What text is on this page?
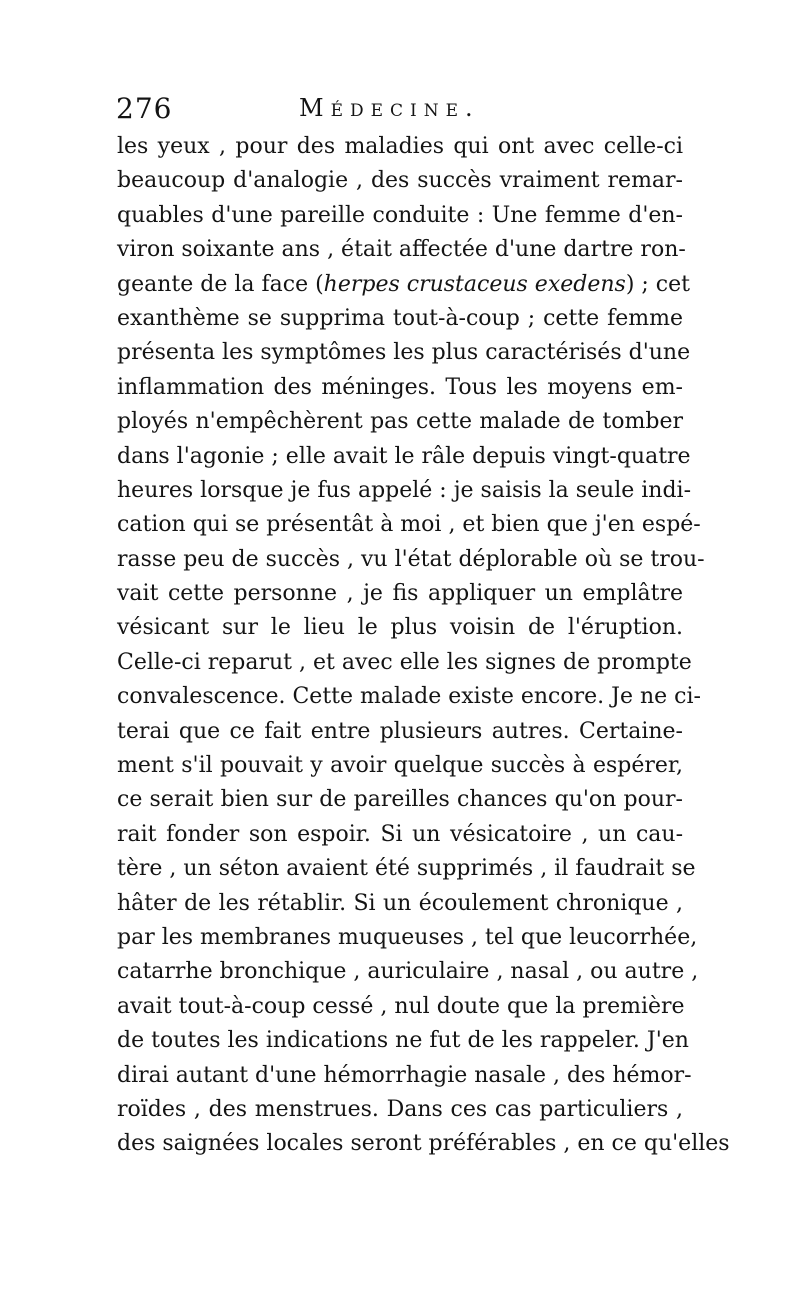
276	Médecine.
les yeux , pour des maladies qui ont avec celle-ci
beaucoup d'analogie , des succès vraiment remar-
quables d'une pareille conduite : Une femme d'en-
viron soixante ans , était affectée d'une dartre ron-
geante de la face (herpes crustaceus exedens) ; cet
exanthème se supprima tout-à-coup ; cette femme
présenta les symptômes les plus caractérisés d'une
inflammation des méninges. Tous les moyens em-
ployés n'empêchèrent pas cette malade de tomber
dans l'agonie ; elle avait le râle depuis vingt-quatre
heures lorsque je fus appelé : je saisis la seule indi-
cation qui se présentât à moi , et bien que j'en espé-
rasse peu de succès , vu l'état déplorable où se trou-
vait cette personne , je fis appliquer un emplâtre
vésicant sur le lieu le plus voisin de l'éruption.
Celle-ci reparut , et avec elle les signes de prompte
convalescence. Cette malade existe encore. Je ne ci-
terai que ce fait entre plusieurs autres. Certaine-
ment s'il pouvait y avoir quelque succès à espérer,
ce serait bien sur de pareilles chances qu'on pour-
rait fonder son espoir. Si un vésicatoire , un cau-
tère , un séton avaient été supprimés , il faudrait se
hâter de les rétablir. Si un écoulement chronique ,
par les membranes muqueuses , tel que leucorrhée,
catarrhe bronchique , auriculaire , nasal , ou autre ,
avait tout-à-coup cessé , nul doute que la première
de toutes les indications ne fut de les rappeler. J'en
dirai autant d'une hémorrhagie nasale , des hémor-
roïdes , des menstrues. Dans ces cas particuliers ,
des saignées locales seront préférables , en ce qu'elles
